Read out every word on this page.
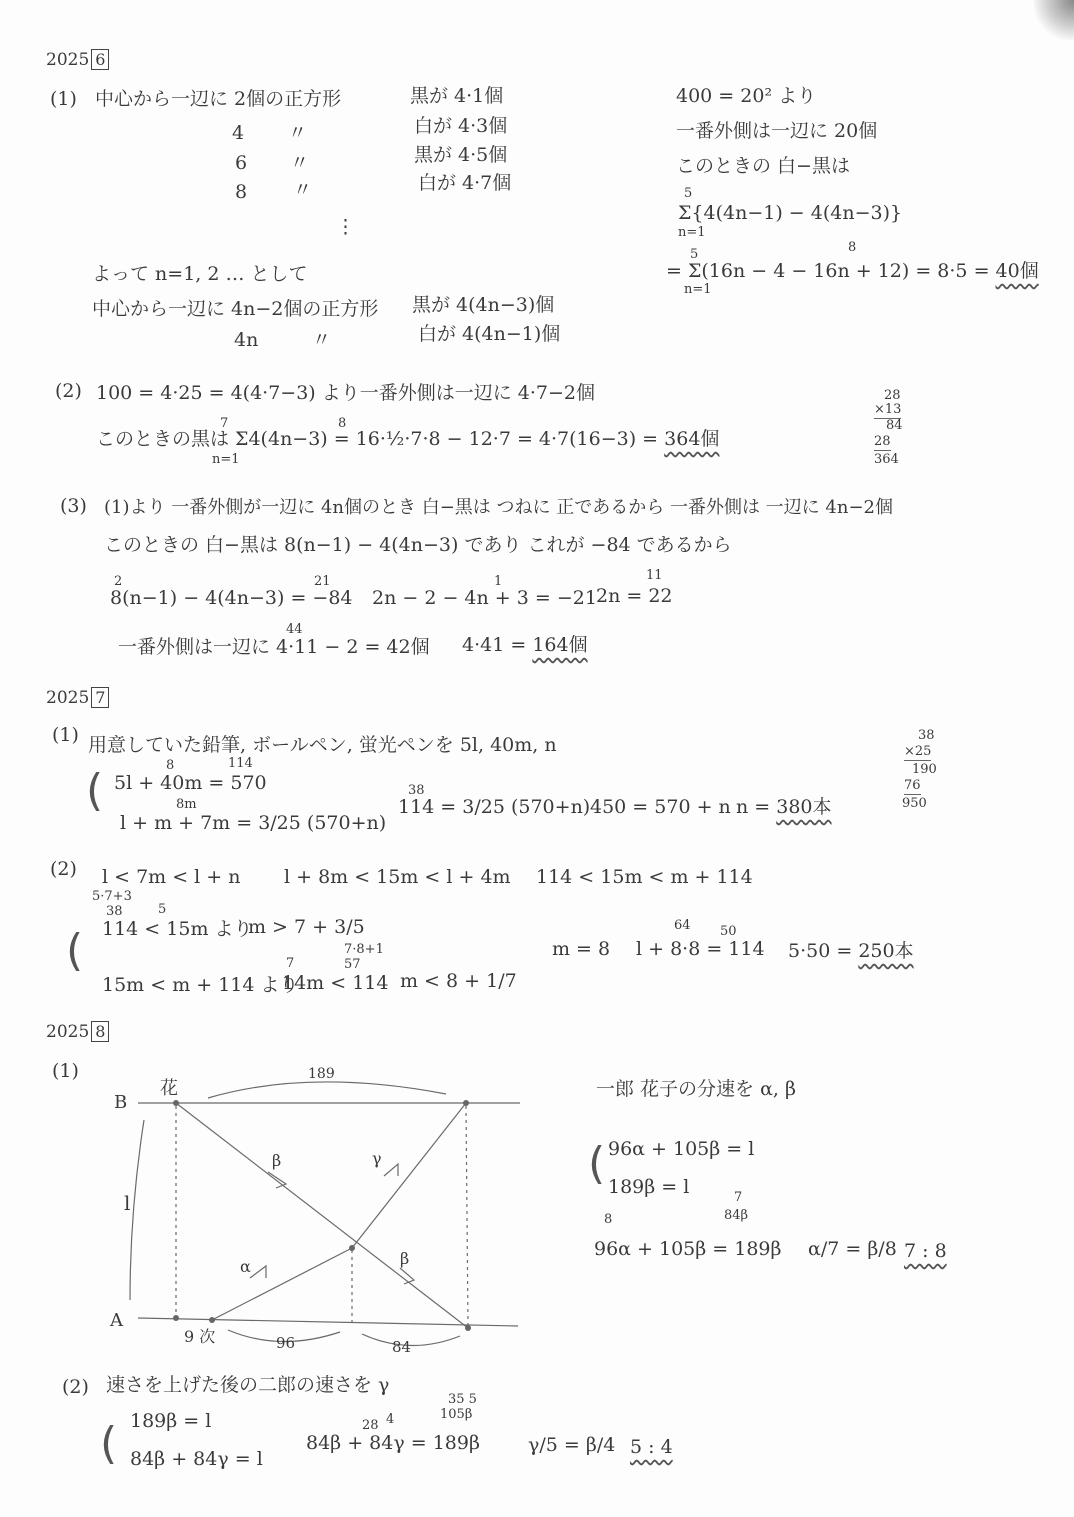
2025 6
(1) 中心から一辺に 2個の正方形	黒が 4·1個
4 〃	白が 4·3個
6 〃	黒が 4·5個
8 〃	白が 4·7個
⋮
よって n=1, 2 … として
中心から一辺に 4n−2個の正方形 黒が 4(4n−3)個
4n	〃	白が 4(4n−1)個
400 = 20² より
一番外側は一辺に 20個
このときの 白−黒は
5
Σ{4(4n−1) − 4(4n−3)}
n=1
8
5
= Σ(16n − 4 − 16n + 12) = 8·5 = 40個
n=1
(2) 100 = 4·25 = 4(4·7−3) より一番外側は一辺に 4·7−2個
7	8
このときの黒は Σ4(4n−3) = 16·½·7·8 − 12·7 = 4·7(16−3) = 364個
n=1
28
×13
84
28
364
(3) (1)より 一番外側が一辺に 4n個のとき 白−黒は つねに 正であるから 一番外側は 一辺に 4n−2個
このときの 白−黒は 8(n−1) − 4(4n−3) であり これが −84 であるから
2	21	1	11
8(n−1) − 4(4n−3) = −84 2n − 2 − 4n + 3 = −21 2n = 22
44
一番外側は一辺に 4·11 − 2 = 42個 4·41 = 164個
2025 7
(1) 用意していた鉛筆, ボールペン, 蛍光ペンを 5l, 40m, n
(	8	114
5l + 40m = 570
8m
l + m + 7m = 3/25 (570+n)
38
114 = 3/25 (570+n) 450 = 570 + n n = 380本
38
×25
190
76
950
(2) l < 7m < l + n l + 8m < 15m < l + 4m 114 < 15m < m + 114
5·7+3
38	5
( 114 < 15m より
m > 7 + 3/5
m = 8
64 50
l + 8·8 = 114 5·50 = 250本
7·8+1
7	57
15m < m + 114 より
14m < 114 m < 8 + 1/7
2025 8
(1)
B
A
花
9 次
189
l
β	γ
α	β
96	84
一郎 花子の分速を α, β
( 96α + 105β = l
189β = l
8
7
84β
96α + 105β = 189β α/7 = β/8 7 : 8
(2) 速さを上げた後の二郎の速さを γ
( 189β = l
84β + 84γ = l
28 4
35 5
105β
84β + 84γ = 189β	γ/5 = β/4 5 : 4
